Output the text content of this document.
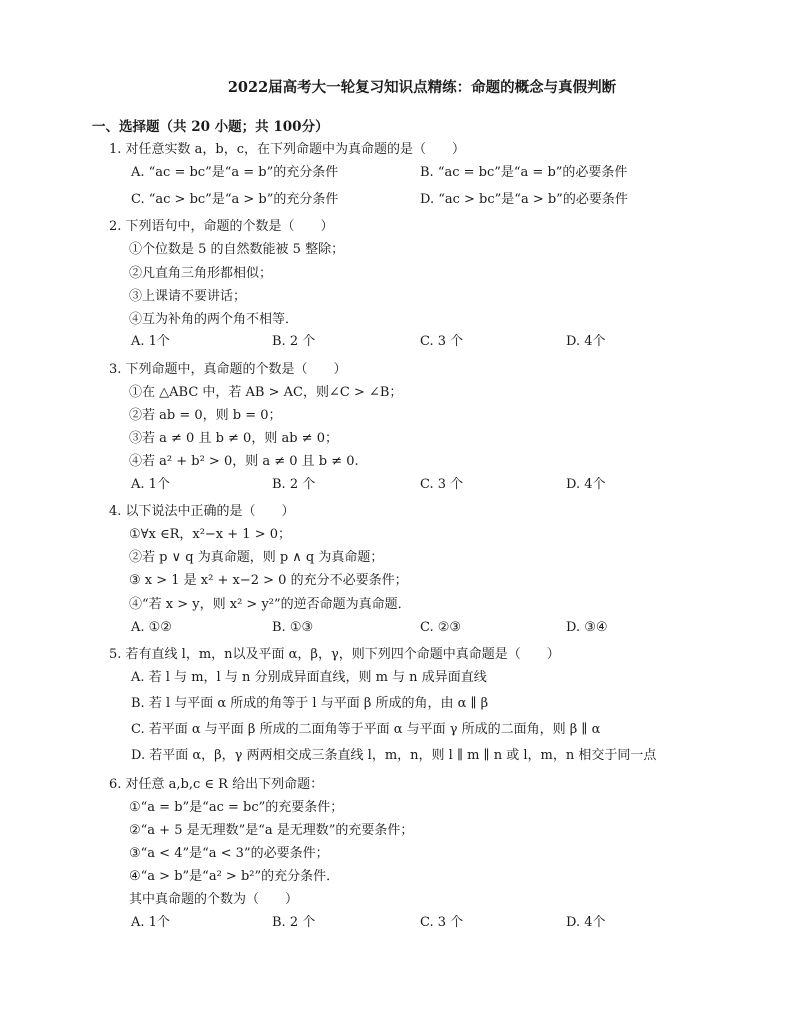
2022届高考大一轮复习知识点精练：命题的概念与真假判断
一、选择题（共 20 小题；共 100分）
1. 对任意实数 a，b，c，在下列命题中为真命题的是（　　）
A. “ac = bc”是“a = b”的充分条件	B. “ac = bc”是“a = b”的必要条件
C. “ac > bc”是“a > b”的充分条件	D. “ac > bc”是“a > b”的必要条件
2. 下列语句中，命题的个数是（　　）
①个位数是 5 的自然数能被 5 整除；
②凡直角三角形都相似；
③上课请不要讲话；
④互为补角的两个角不相等．
A. 1个	B. 2 个	C. 3 个	D. 4个
3. 下列命题中，真命题的个数是（　　）
①在 △ABC 中，若 AB > AC，则∠C > ∠B；
②若 ab = 0，则 b = 0；
③若 a ≠ 0 且 b ≠ 0，则 ab ≠ 0；
④若 a² + b² > 0，则 a ≠ 0 且 b ≠ 0.
A. 1个	B. 2 个	C. 3 个	D. 4个
4. 以下说法中正确的是（　　）
①∀x ∈R，x²−x + 1 > 0；
②若 p ∨ q 为真命题，则 p ∧ q 为真命题；
③ x > 1 是 x² + x−2 > 0 的充分不必要条件；
④“若 x > y，则 x² > y²”的逆否命题为真命题．
A. ①②	B. ①③	C. ②③	D. ③④
5. 若有直线 l，m，n以及平面 α，β，γ，则下列四个命题中真命题是（　　）
A. 若 l 与 m，l 与 n 分别成异面直线，则 m 与 n 成异面直线
B. 若 l 与平面 α 所成的角等于 l 与平面 β 所成的角，由 α ∥ β
C. 若平面 α 与平面 β 所成的二面角等于平面 α 与平面 γ 所成的二面角，则 β ∥ α
D. 若平面 α，β，γ 两两相交成三条直线 l，m，n，则 l ∥ m ∥ n 或 l，m，n 相交于同一点
6. 对任意 a,b,c ∈ R 给出下列命题：
①“a = b”是“ac = bc”的充要条件；
②“a + 5 是无理数”是“a 是无理数”的充要条件；
③“a < 4”是“a < 3”的必要条件；
④“a > b”是“a² > b²”的充分条件．
其中真命题的个数为（　　）
A. 1个	B. 2 个	C. 3 个	D. 4个
